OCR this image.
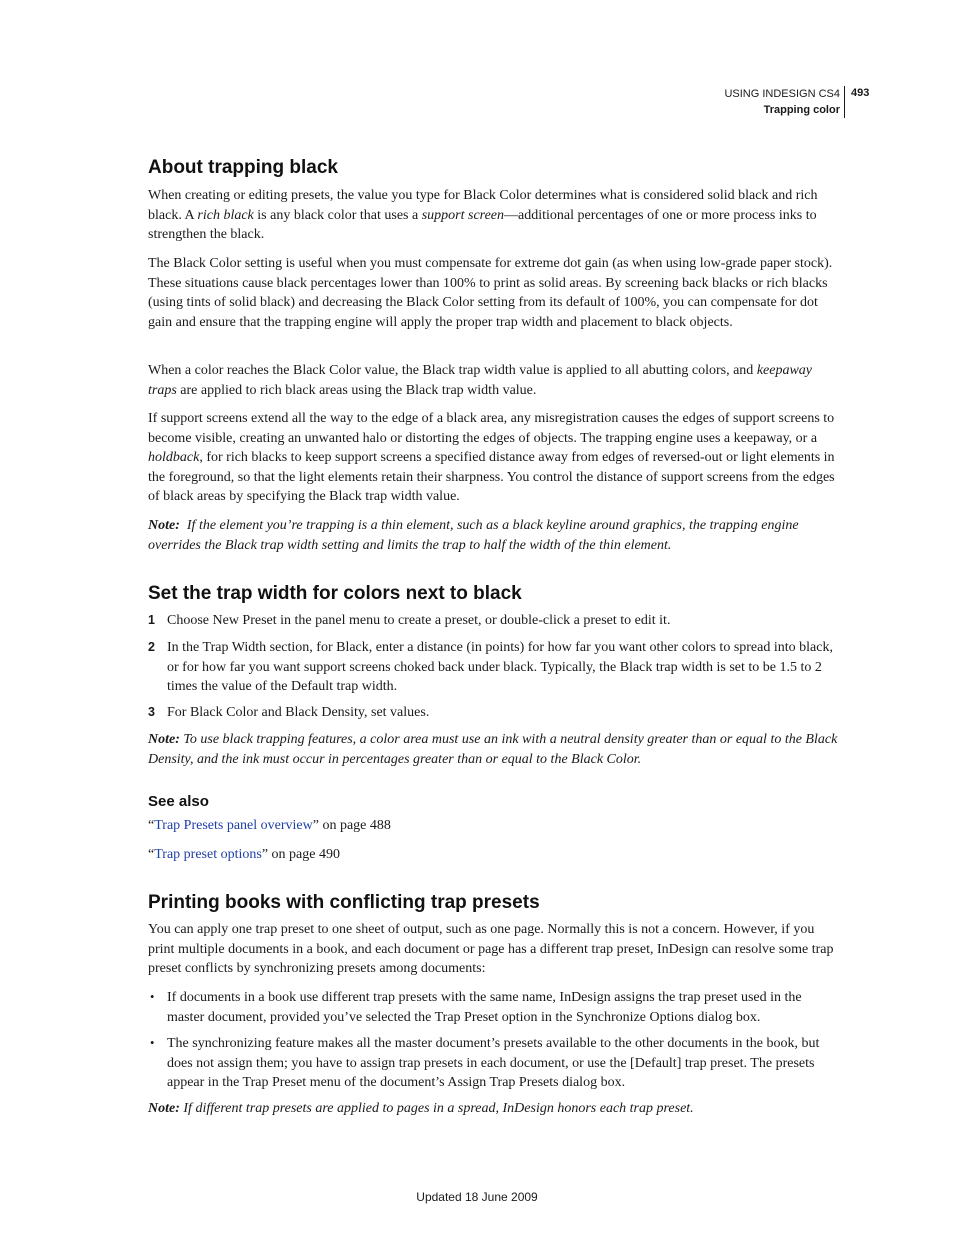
USING INDESIGN CS4
Trapping color
493
About trapping black

When creating or editing presets, the value you type for Black Color determines what is considered solid black and rich black. A rich black is any black color that uses a support screen—additional percentages of one or more process inks to strengthen the black.

The Black Color setting is useful when you must compensate for extreme dot gain (as when using low-grade paper stock). These situations cause black percentages lower than 100% to print as solid areas. By screening back blacks or rich blacks (using tints of solid black) and decreasing the Black Color setting from its default of 100%, you can compensate for dot gain and ensure that the trapping engine will apply the proper trap width and placement to black objects.

When a color reaches the Black Color value, the Black trap width value is applied to all abutting colors, and keepaway traps are applied to rich black areas using the Black trap width value.

If support screens extend all the way to the edge of a black area, any misregistration causes the edges of support screens to become visible, creating an unwanted halo or distorting the edges of objects. The trapping engine uses a keepaway, or a holdback, for rich blacks to keep support screens a specified distance away from edges of reversed-out or light elements in the foreground, so that the light elements retain their sharpness. You control the distance of support screens from the edges of black areas by specifying the Black trap width value.

Note: If the element you’re trapping is a thin element, such as a black keyline around graphics, the trapping engine overrides the Black trap width setting and limits the trap to half the width of the thin element.

Set the trap width for colors next to black
1 Choose New Preset in the panel menu to create a preset, or double-click a preset to edit it.
2 In the Trap Width section, for Black, enter a distance (in points) for how far you want other colors to spread into black, or for how far you want support screens choked back under black. Typically, the Black trap width is set to be 1.5 to 2 times the value of the Default trap width.
3 For Black Color and Black Density, set values.

Note: To use black trapping features, a color area must use an ink with a neutral density greater than or equal to the Black Density, and the ink must occur in percentages greater than or equal to the Black Color.

See also

“Trap Presets panel overview” on page 488

“Trap preset options” on page 490

Printing books with conflicting trap presets

You can apply one trap preset to one sheet of output, such as one page. Normally this is not a concern. However, if you print multiple documents in a book, and each document or page has a different trap preset, InDesign can resolve some trap preset conflicts by synchronizing presets among documents:

• If documents in a book use different trap presets with the same name, InDesign assigns the trap preset used in the master document, provided you’ve selected the Trap Preset option in the Synchronize Options dialog box.
• The synchronizing feature makes all the master document’s presets available to the other documents in the book, but does not assign them; you have to assign trap presets in each document, or use the [Default] trap preset. The presets appear in the Trap Preset menu of the document’s Assign Trap Presets dialog box.

Note: If different trap presets are applied to pages in a spread, InDesign honors each trap preset.

Updated 18 June 2009
